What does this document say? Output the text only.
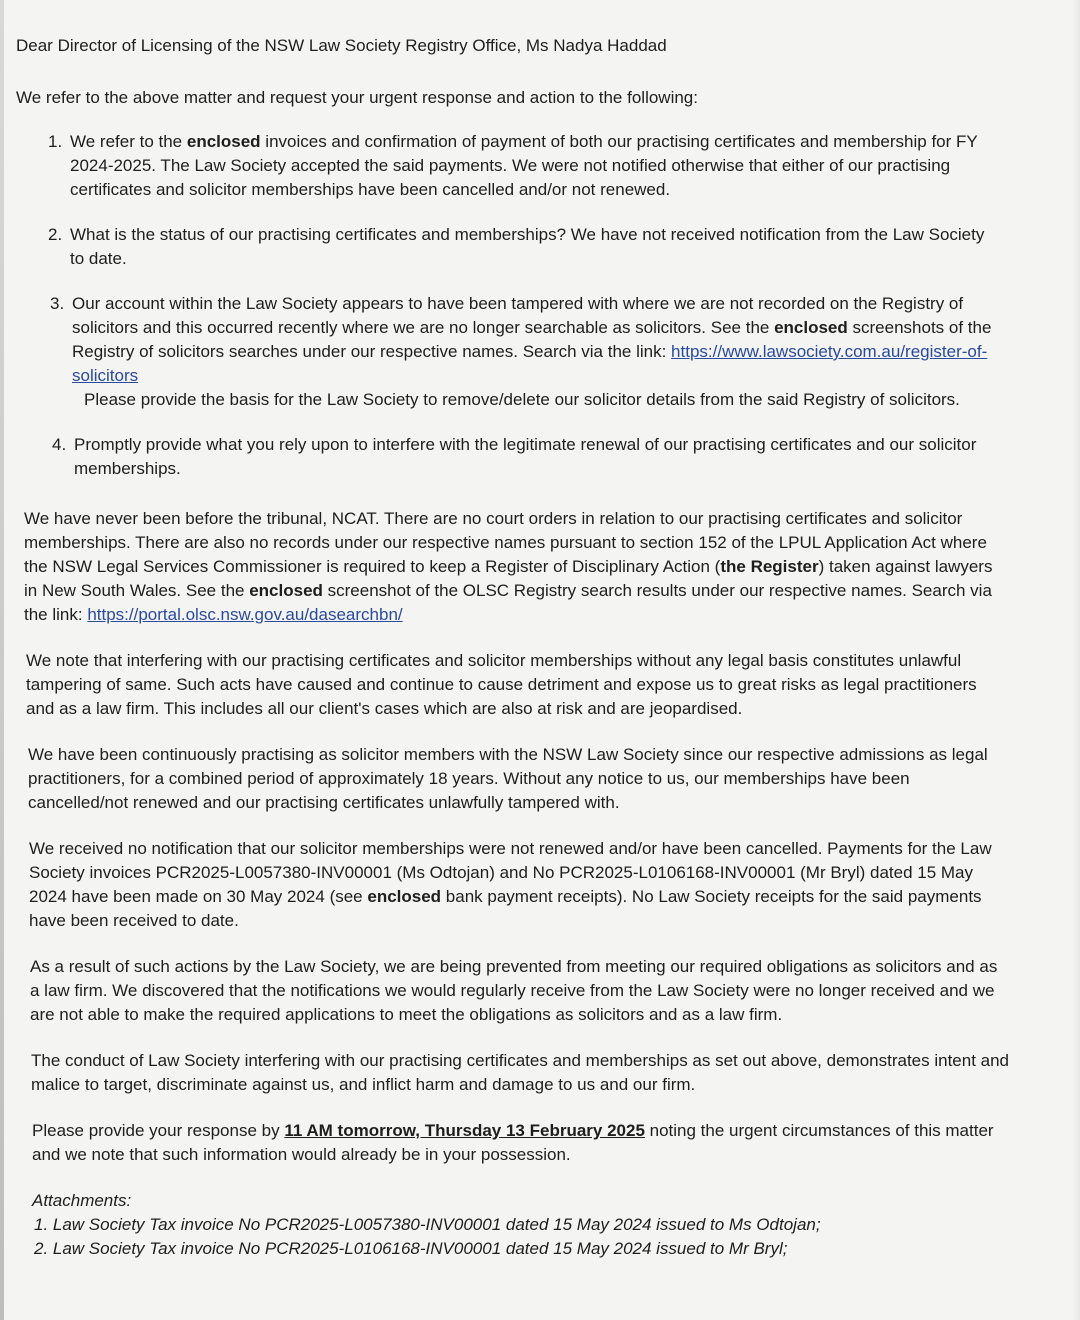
Dear Director of Licensing of the NSW Law Society Registry Office, Ms Nadya Haddad

We refer to the above matter and request your urgent response and action to the following:

1. We refer to the enclosed invoices and confirmation of payment of both our practising certificates and membership for FY
2024-2025. The Law Society accepted the said payments. We were not notified otherwise that either of our practising
certificates and solicitor memberships have been cancelled and/or not renewed.
2. What is the status of our practising certificates and memberships? We have not received notification from the Law Society
to date.
3. Our account within the Law Society appears to have been tampered with where we are not recorded on the Registry of
solicitors and this occurred recently where we are no longer searchable as solicitors. See the enclosed screenshots of the
Registry of solicitors searches under our respective names. Search via the link: https://www.lawsociety.com.au/register-of-
solicitors
Please provide the basis for the Law Society to remove/delete our solicitor details from the said Registry of solicitors.
4. Promptly provide what you rely upon to interfere with the legitimate renewal of our practising certificates and our solicitor
memberships.
We have never been before the tribunal, NCAT. There are no court orders in relation to our practising certificates and solicitor
memberships. There are also no records under our respective names pursuant to section 152 of the LPUL Application Act where
the NSW Legal Services Commissioner is required to keep a Register of Disciplinary Action (the Register) taken against lawyers
in New South Wales. See the enclosed screenshot of the OLSC Registry search results under our respective names. Search via
the link: https://portal.olsc.nsw.gov.au/dasearchbn/
We note that interfering with our practising certificates and solicitor memberships without any legal basis constitutes unlawful
tampering of same. Such acts have caused and continue to cause detriment and expose us to great risks as legal practitioners
and as a law firm. This includes all our client's cases which are also at risk and are jeopardised.
We have been continuously practising as solicitor members with the NSW Law Society since our respective admissions as legal
practitioners, for a combined period of approximately 18 years. Without any notice to us, our memberships have been
cancelled/not renewed and our practising certificates unlawfully tampered with.
We received no notification that our solicitor memberships were not renewed and/or have been cancelled. Payments for the Law
Society invoices PCR2025-L0057380-INV00001 (Ms Odtojan) and No PCR2025-L0106168-INV00001 (Mr Bryl) dated 15 May
2024 have been made on 30 May 2024 (see enclosed bank payment receipts). No Law Society receipts for the said payments
have been received to date.
As a result of such actions by the Law Society, we are being prevented from meeting our required obligations as solicitors and as
a law firm. We discovered that the notifications we would regularly receive from the Law Society were no longer received and we
are not able to make the required applications to meet the obligations as solicitors and as a law firm.
The conduct of Law Society interfering with our practising certificates and memberships as set out above, demonstrates intent and
malice to target, discriminate against us, and inflict harm and damage to us and our firm.
Please provide your response by 11 AM tomorrow, Thursday 13 February 2025 noting the urgent circumstances of this matter
and we note that such information would already be in your possession.
Attachments:
1. Law Society Tax invoice No PCR2025-L0057380-INV00001 dated 15 May 2024 issued to Ms Odtojan;
2. Law Society Tax invoice No PCR2025-L0106168-INV00001 dated 15 May 2024 issued to Mr Bryl;
